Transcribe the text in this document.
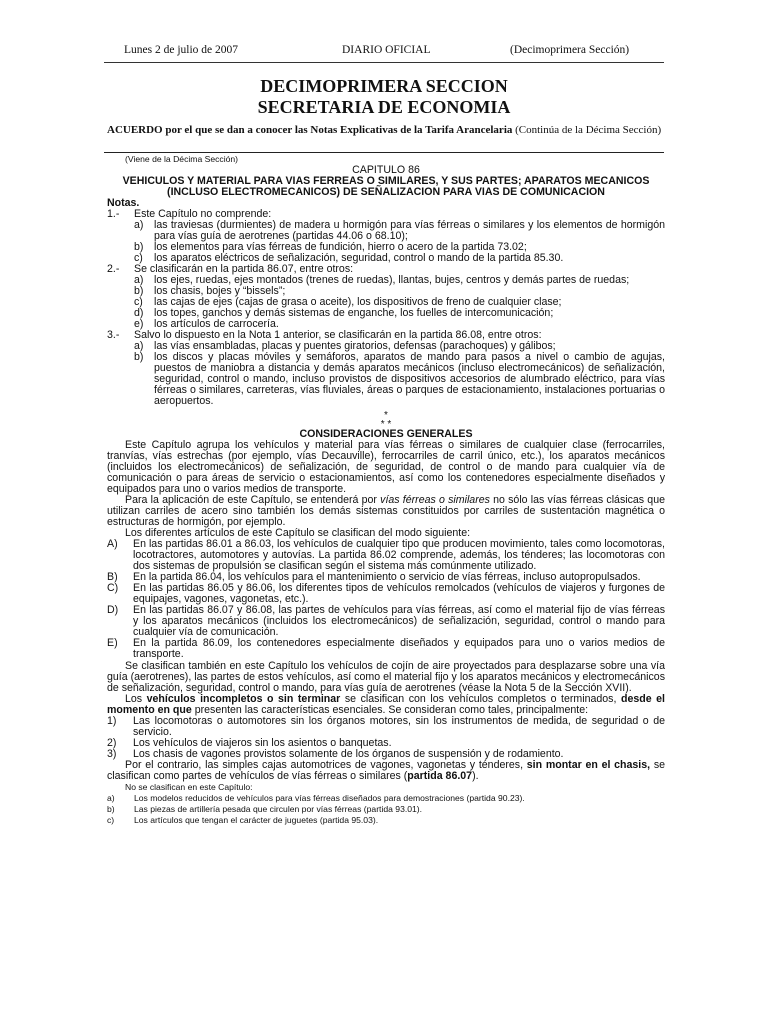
Lunes 2 de julio de 2007	DIARIO OFICIAL	(Decimoprimera Sección)
DECIMOPRIMERA SECCION
SECRETARIA DE ECONOMIA
ACUERDO por el que se dan a conocer las Notas Explicativas de la Tarifa Arancelaria (Continúa de la Décima Sección)

(Viene de la Décima Sección)

CAPITULO 86

VEHICULOS Y MATERIAL PARA VIAS FERREAS O SIMILARES, Y SUS PARTES; APARATOS MECANICOS (INCLUSO ELECTROMECANICOS) DE SEÑALIZACION PARA VIAS DE COMUNICACION

Notas.

1.-	Este Capítulo no comprende:
a) las traviesas (durmientes) de madera u hormigón para vías férreas o similares y los elementos de hormigón para vías guía de aerotrenes (partidas 44.06 o 68.10);
b) los elementos para vías férreas de fundición, hierro o acero de la partida 73.02;
c)	los aparatos eléctricos de señalización, seguridad, control o mando de la partida 85.30.
2.-	Se clasificarán en la partida 86.07, entre otros:
a) los ejes, ruedas, ejes montados (trenes de ruedas), llantas, bujes, centros y demás partes de ruedas;
b) los chasis, bojes y “bissels”;
c)	las cajas de ejes (cajas de grasa o aceite), los dispositivos de freno de cualquier clase;
d) los topes, ganchos y demás sistemas de enganche, los fuelles de intercomunicación;
e) los artículos de carrocería.
3.-	Salvo lo dispuesto en la Nota 1 anterior, se clasificarán en la partida 86.08, entre otros:
a) las vías ensambladas, placas y puentes giratorios, defensas (parachoques) y gálibos;
b) los discos y placas móviles y semáforos, aparatos de mando para pasos a nivel o cambio de agujas, puestos de maniobra a distancia y demás aparatos mecánicos (incluso electromecánicos) de señalización, seguridad, control o mando, incluso provistos de dispositivos accesorios de alumbrado eléctrico, para vías férreas o similares, carreteras, vías fluviales, áreas o parques de estacionamiento, instalaciones portuarias o aeropuertos.
*
* *

CONSIDERACIONES GENERALES

Este Capítulo agrupa los vehículos y material para vías férreas o similares de cualquier clase (ferrocarriles, tranvías, vías estrechas (por ejemplo, vías Decauville), ferrocarriles de carril único, etc.), los aparatos mecánicos (incluidos los electromecánicos) de señalización, de seguridad, de control o de mando para cualquier vía de comunicación o para áreas de servicio o estacionamientos, así como los contenedores especialmente diseñados y equipados para uno o varios medios de transporte.

Para la aplicación de este Capítulo, se entenderá por vías férreas o similares no sólo las vías férreas clásicas que utilizan carriles de acero sino también los demás sistemas constituidos por carriles de sustentación magnética o estructuras de hormigón, por ejemplo.

Los diferentes artículos de este Capítulo se clasifican del modo siguiente:

A)	En las partidas 86.01 a 86.03, los vehículos de cualquier tipo que producen movimiento, tales como locomotoras, locotractores, automotores y autovías. La partida 86.02 comprende, además, los ténderes; las locomotoras con dos sistemas de propulsión se clasifican según el sistema más comúnmente utilizado.
B)	En la partida 86.04, los vehículos para el mantenimiento o servicio de vías férreas, incluso autopropulsados.
C)	En las partidas 86.05 y 86.06, los diferentes tipos de vehículos remolcados (vehículos de viajeros y furgones de equipajes, vagones, vagonetas, etc.).
D)	En las partidas 86.07 y 86.08, las partes de vehículos para vías férreas, así como el material fijo de vías férreas y los aparatos mecánicos (incluidos los electromecánicos) de señalización, seguridad, control o mando para cualquier vía de comunicación.
E)	En la partida 86.09, los contenedores especialmente diseñados y equipados para uno o varios medios de transporte.

Se clasifican también en este Capítulo los vehículos de cojín de aire proyectados para desplazarse sobre una vía guía (aerotrenes), las partes de estos vehículos, así como el material fijo y los aparatos mecánicos y electromecánicos de señalización, seguridad, control o mando, para vías guía de aerotrenes (véase la Nota 5 de la Sección XVII).

Los vehículos incompletos o sin terminar se clasifican con los vehículos completos o terminados, desde el momento en que presenten las características esenciales. Se consideran como tales, principalmente:

1)	Las locomotoras o automotores sin los órganos motores, sin los instrumentos de medida, de seguridad o de servicio.
2)	Los vehículos de viajeros sin los asientos o banquetas.
3)	Los chasis de vagones provistos solamente de los órganos de suspensión y de rodamiento.

Por el contrario, las simples cajas automotrices de vagones, vagonetas y ténderes, sin montar en el chasis, se clasifican como partes de vehículos de vías férreas o similares (partida 86.07).

No se clasifican en este Capítulo:
a)	Los modelos reducidos de vehículos para vías férreas diseñados para demostraciones (partida 90.23).
b)	Las piezas de artillería pesada que circulen por vías férreas (partida 93.01).
c)	Los artículos que tengan el carácter de juguetes (partida 95.03).
